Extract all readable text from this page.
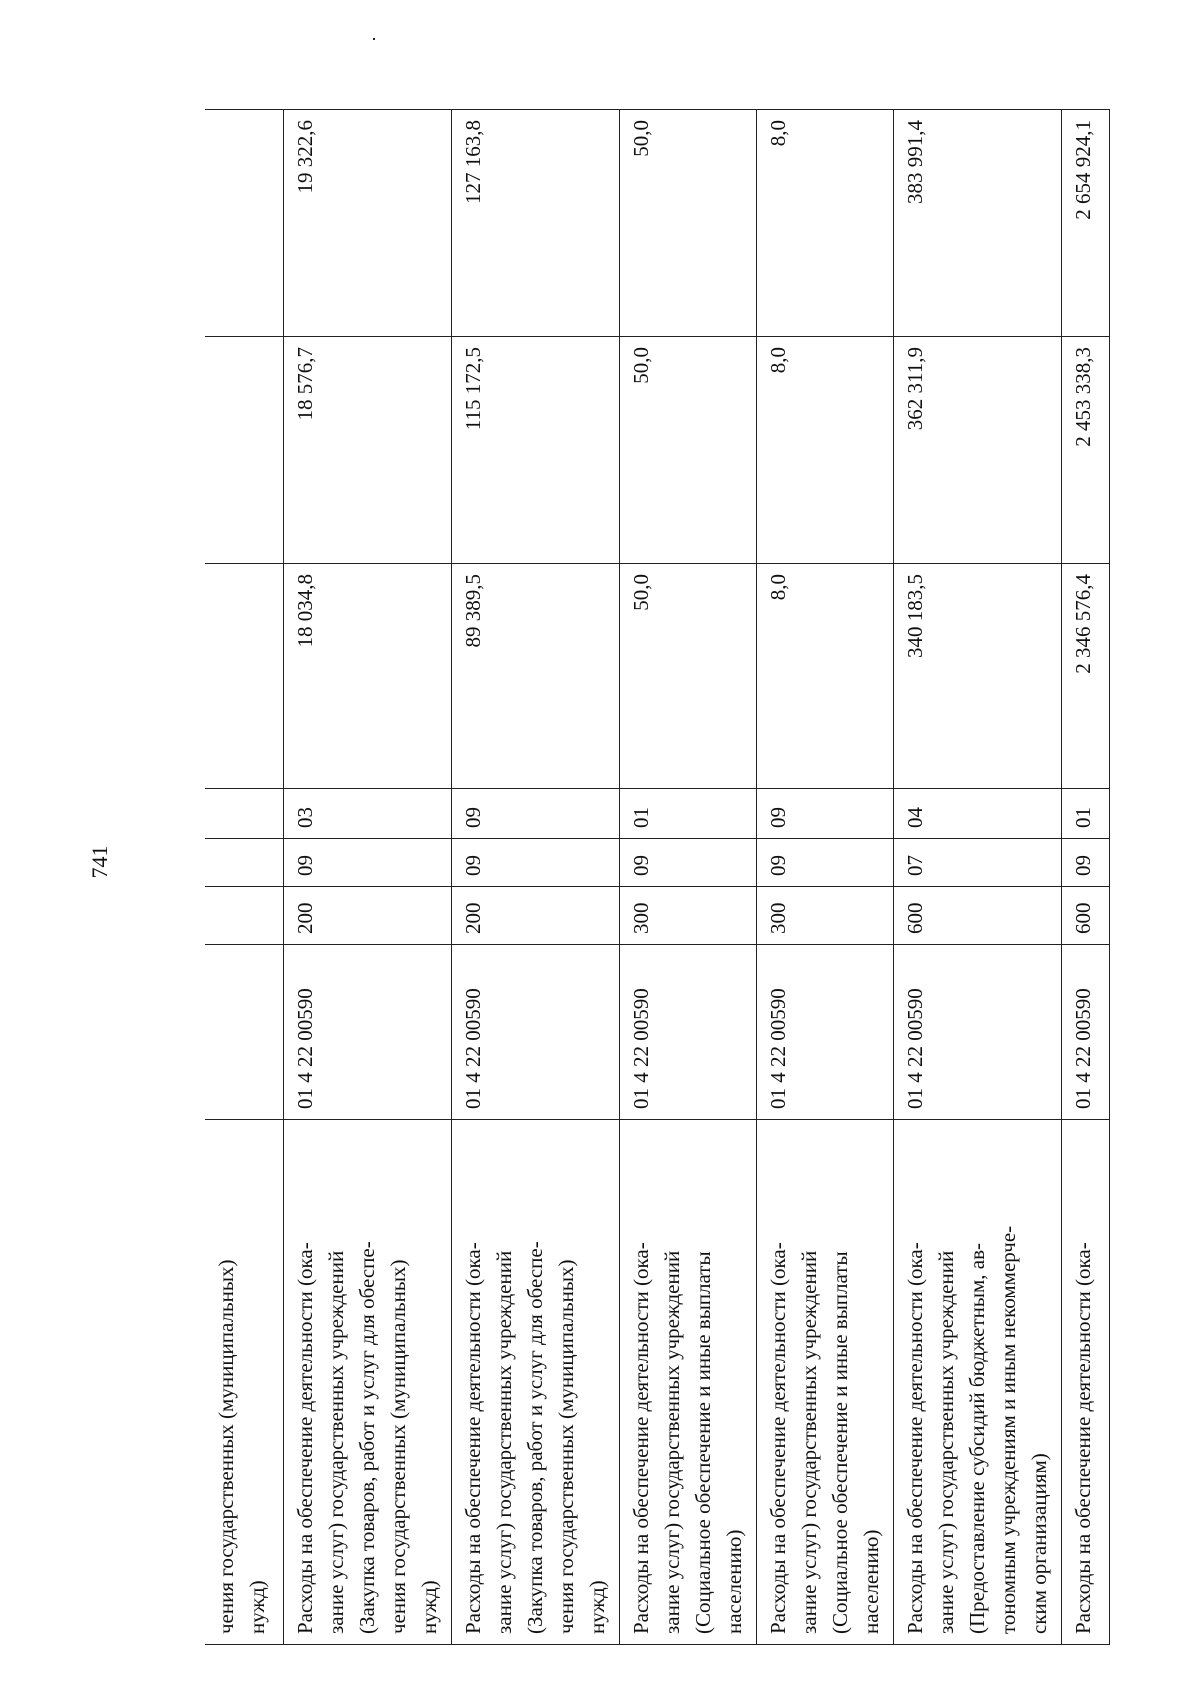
741
чения государственных (муниципальных) нужд)							

Расходы на обеспечение деятельности (ока- зание услуг) государственных учреждений (Закупка товаров, работ и услуг для обеспе- чения государственных (муниципальных) нужд)	01 4 22 00590	200	09	03	18 034,8	18 576,7	19 322,6

Расходы на обеспечение деятельности (ока- зание услуг) государственных учреждений (Закупка товаров, работ и услуг для обеспе- чения государственных (муниципальных) нужд)	01 4 22 00590	200	09	09	89 389,5	115 172,5	127 163,8

Расходы на обеспечение деятельности (ока- зание услуг) государственных учреждений (Социальное обеспечение и иные выплаты населению)	01 4 22 00590	300	09	01	50,0	50,0	50,0

Расходы на обеспечение деятельности (ока- зание услуг) государственных учреждений (Социальное обеспечение и иные выплаты населению)	01 4 22 00590	300	09	09	8,0	8,0	8,0

Расходы на обеспечение деятельности (ока- зание услуг) государственных учреждений (Предоставление субсидий бюджетным, ав- тономным учреждениям и иным некоммерче- ским организациям)	01 4 22 00590	600	07	04	340 183,5	362 311,9	383 991,4

Расходы на обеспечение деятельности (ока-	01 4 22 00590	600	09	01	2 346 576,4	2 453 338,3	2 654 924,1
